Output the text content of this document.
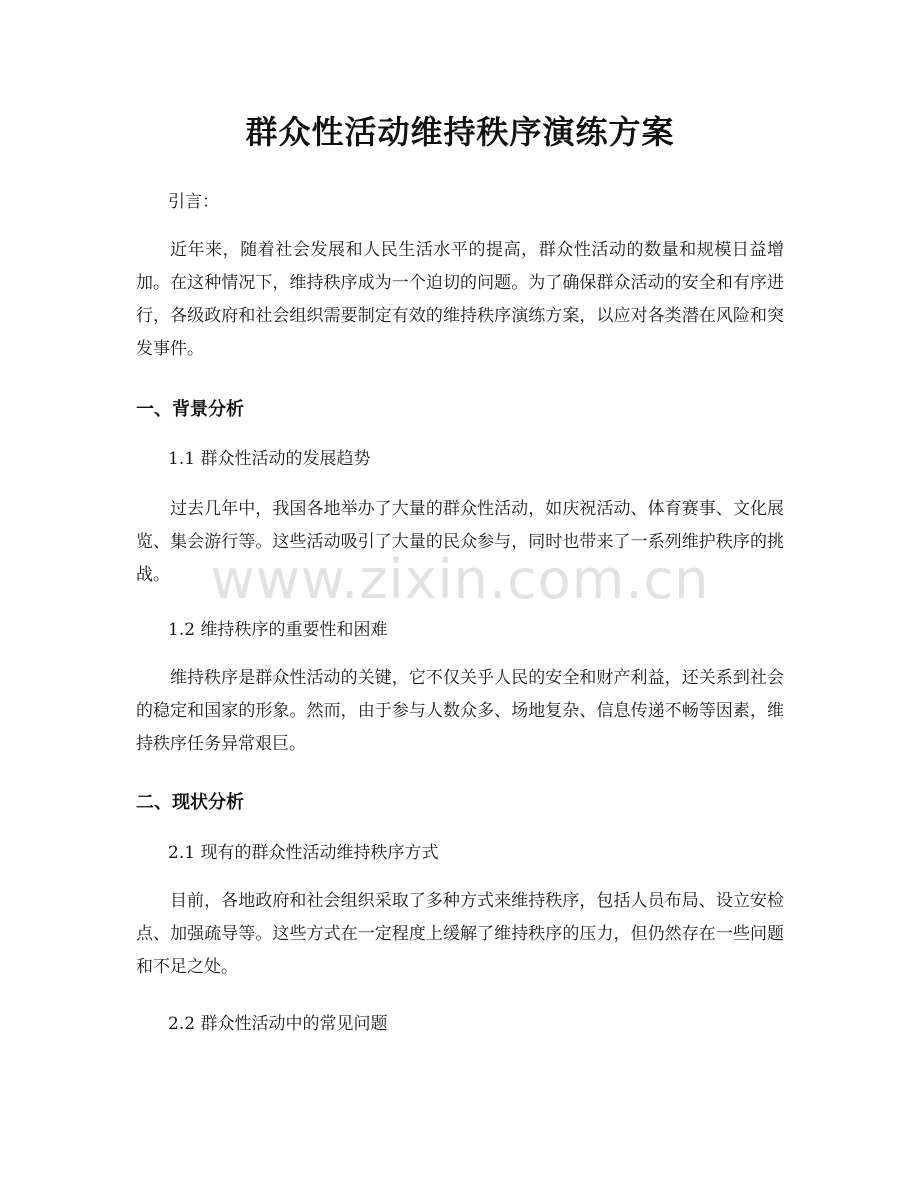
群众性活动维持秩序演练方案
引言：
近年来，随着社会发展和人民生活水平的提高，群众性活动的数量和规模日益增加。在这种情况下，维持秩序成为一个迫切的问题。为了确保群众活动的安全和有序进行，各级政府和社会组织需要制定有效的维持秩序演练方案，以应对各类潜在风险和突发事件。
一、背景分析
1.1 群众性活动的发展趋势
过去几年中，我国各地举办了大量的群众性活动，如庆祝活动、体育赛事、文化展览、集会游行等。这些活动吸引了大量的民众参与，同时也带来了一系列维护秩序的挑战。
1.2 维持秩序的重要性和困难
维持秩序是群众性活动的关键，它不仅关乎人民的安全和财产利益，还关系到社会的稳定和国家的形象。然而，由于参与人数众多、场地复杂、信息传递不畅等因素，维持秩序任务异常艰巨。
二、现状分析
2.1 现有的群众性活动维持秩序方式
目前，各地政府和社会组织采取了多种方式来维持秩序，包括人员布局、设立安检点、加强疏导等。这些方式在一定程度上缓解了维持秩序的压力，但仍然存在一些问题和不足之处。
2.2 群众性活动中的常见问题
www.zixin.com.cn
